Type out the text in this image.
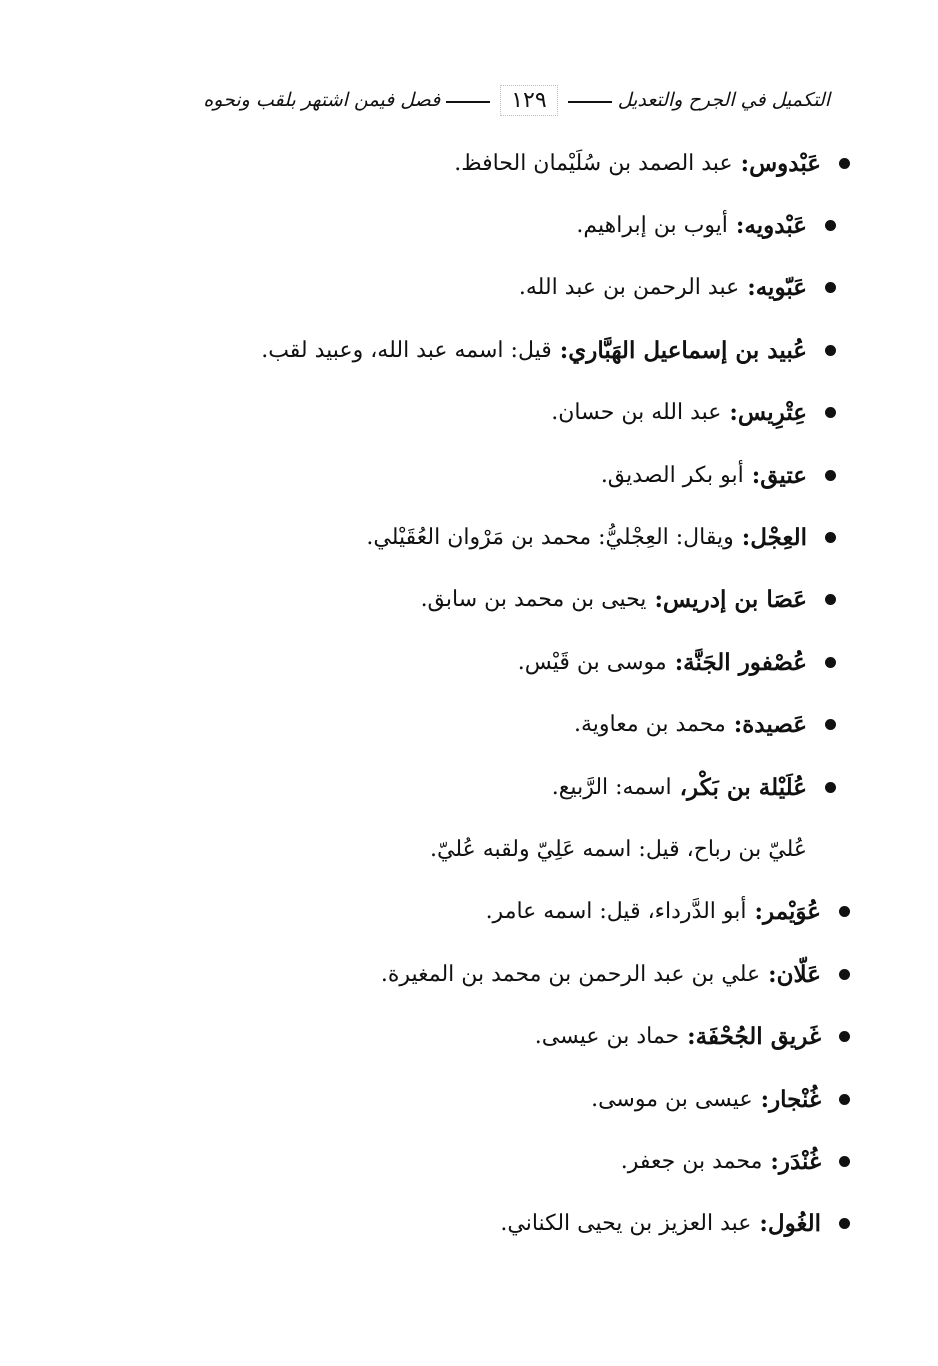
التكميل في الجرح والتعديل
١٢٩
فصل فيمن اشتهر بلقب ونحوه
عَبْدوس:
عبد الصمد بن سُلَيْمان الحافظ.
عَبْدويه:
أيوب بن إبراهيم.
عَبّويه:
عبد الرحمن بن عبد الله.
عُبيد بن إسماعيل الهَبَّاري:
قيل: اسمه عبد الله، وعبيد لقب.
عِتْرِيس:
عبد الله بن حسان.
عتيق:
أبو بكر الصديق.
العِجْل:
ويقال: العِجْليُّ: محمد بن مَرْوان العُقَيْلي.
عَصَا بن إدريس:
يحيى بن محمد بن سابق.
عُصْفور الجَنَّة:
موسى بن قَيْس.
عَصيدة:
محمد بن معاوية.
عُلَيْلة بن بَكْر،
اسمه: الرَّبيع.
عُليّ بن رباح، قيل: اسمه عَلِيّ ولقبه عُليّ.
عُوَيْمر:
أبو الدَّرداء، قيل: اسمه عامر.
عَلّان:
علي بن عبد الرحمن بن محمد بن المغيرة.
غَريق الجُحْفَة:
حماد بن عيسى.
غُنْجار:
عيسى بن موسى.
غُنْدَر:
محمد بن جعفر.
الغُول:
عبد العزيز بن يحيى الكناني.
